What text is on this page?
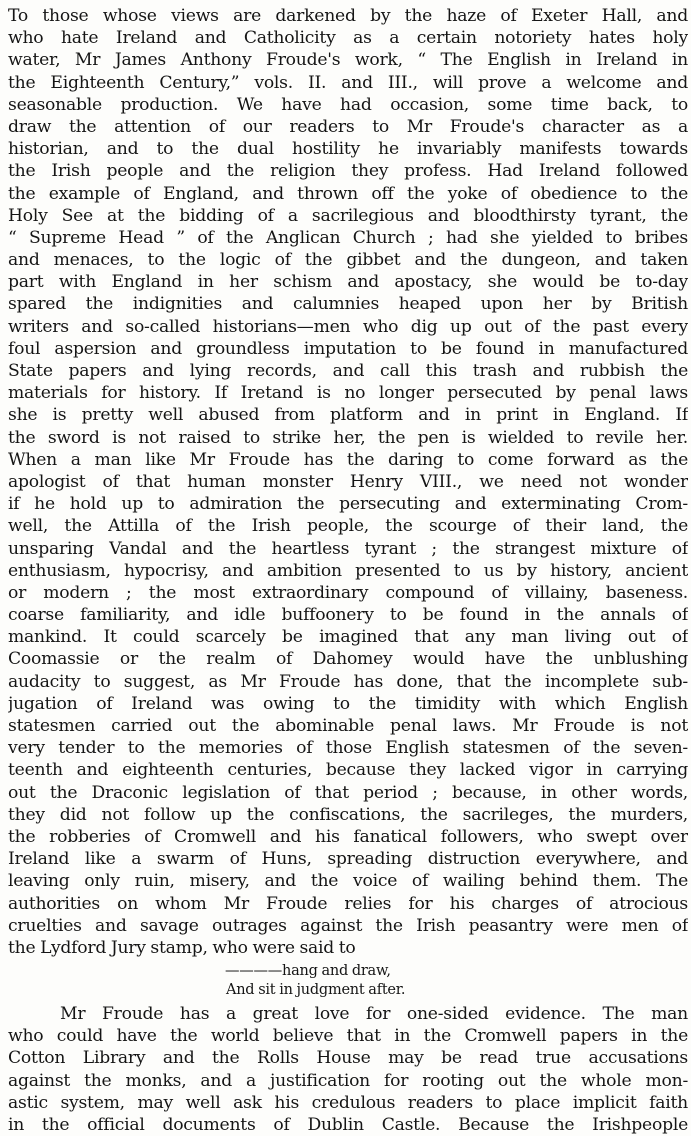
To those whose views are darkened by the haze of Exeter Hall, and
who hate Ireland and Catholicity as a certain notoriety hates holy
water, Mr James Anthony Froude's work, “ The English in Ireland in
the Eighteenth Century,” vols. II. and III., will prove a welcome and
seasonable production. We have had occasion, some time back, to
draw the attention of our readers to Mr Froude's character as a
historian, and to the dual hostility he invariably manifests towards
the Irish people and the religion they profess. Had Ireland followed
the example of England, and thrown off the yoke of obedience to the
Holy See at the bidding of a sacrilegious and bloodthirsty tyrant, the
“ Supreme Head ” of the Anglican Church ; had she yielded to bribes
and menaces, to the logic of the gibbet and the dungeon, and taken
part with England in her schism and apostacy, she would be to-day
spared the indignities and calumnies heaped upon her by British
writers and so-called historians—men who dig up out of the past every
foul aspersion and groundless imputation to be found in manufactured
State papers and lying records, and call this trash and rubbish the
materials for history. If Iretand is no longer persecuted by penal laws
she is pretty well abused from platform and in print in England. If
the sword is not raised to strike her, the pen is wielded to revile her.
When a man like Mr Froude has the daring to come forward as the
apologist of that human monster Henry VIII., we need not wonder
if he hold up to admiration the persecuting and exterminating Crom-
well, the Attilla of the Irish people, the scourge of their land, the
unsparing Vandal and the heartless tyrant ; the strangest mixture of
enthusiasm, hypocrisy, and ambition presented to us by history, ancient
or modern ; the most extraordinary compound of villainy, baseness.
coarse familiarity, and idle buffoonery to be found in the annals of
mankind. It could scarcely be imagined that any man living out of
Coomassie or the realm of Dahomey would have the unblushing
audacity to suggest, as Mr Froude has done, that the incomplete sub-
jugation of Ireland was owing to the timidity with which English
statesmen carried out the abominable penal laws. Mr Froude is not
very tender to the memories of those English statesmen of the seven-
teenth and eighteenth centuries, because they lacked vigor in carrying
out the Draconic legislation of that period ; because, in other words,
they did not follow up the confiscations, the sacrileges, the murders,
the robberies of Cromwell and his fanatical followers, who swept over
Ireland like a swarm of Huns, spreading distruction everywhere, and
leaving only ruin, misery, and the voice of wailing behind them. The
authorities on whom Mr Froude relies for his charges of atrocious
cruelties and savage outrages against the Irish peasantry were men of
the Lydford Jury stamp, who were said to
————hang and draw,
And sit in judgment after.
Mr Froude has a great love for one-sided evidence. The man
who could have the world believe that in the Cromwell papers in the
Cotton Library and the Rolls House may be read true accusations
against the monks, and a justification for rooting out the whole mon-
astic system, may well ask his credulous readers to place implicit faith
in the official documents of Dublin Castle. Because the Irishpeople
